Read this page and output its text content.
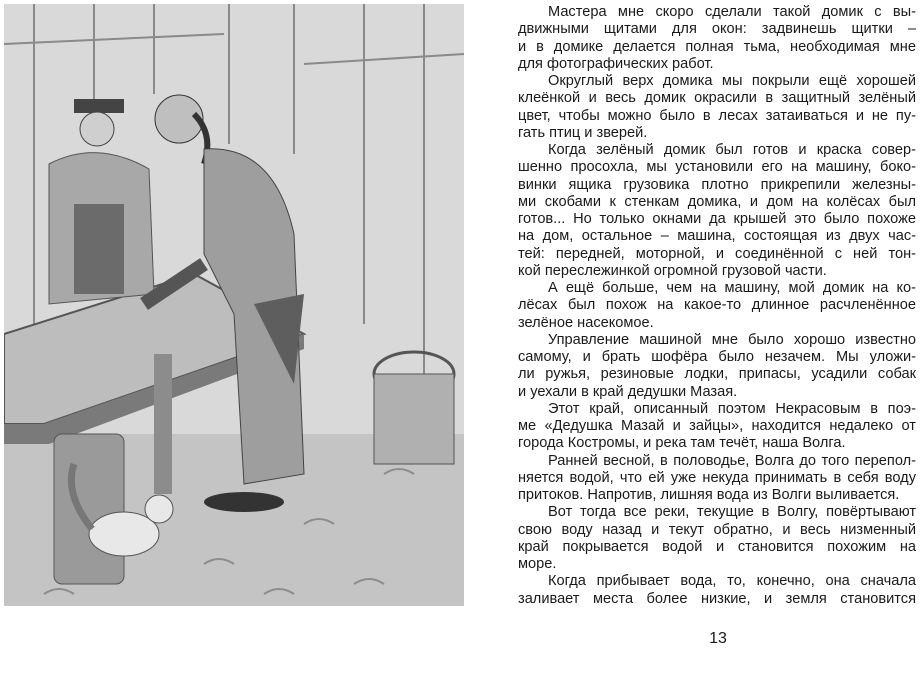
Мастера мне скоро сделали такой домик с вы-
движными щитами для окон: задвинешь щитки –
и в домике делается полная тьма, необходимая мне
для фотографических работ.
Округлый верх домика мы покрыли ещё хорошей
клеёнкой и весь домик окрасили в защитный зелёный
цвет, чтобы можно было в лесах затаиваться и не пу-
гать птиц и зверей.
Когда зелёный домик был готов и краска совер-
шенно просохла, мы установили его на машину, боко-
винки ящика грузовика плотно прикрепили железны-
ми скобами к стенкам домика, и дом на колёсах был
готов... Но только окнами да крышей это было похоже
на дом, остальное – машина, состоящая из двух час-
тей: передней, моторной, и соединённой с ней тон-
кой переслежинкой огромной грузовой части.
А ещё больше, чем на машину, мой домик на ко-
лёсах был похож на какое-то длинное расчленённое
зелёное насекомое.
Управление машиной мне было хорошо известно
самому, и брать шофёра было незачем. Мы уложи-
ли ружья, резиновые лодки, припасы, усадили собак
и уехали в край дедушки Мазая.
Этот край, описанный поэтом Некрасовым в поэ-
ме «Дедушка Мазай и зайцы», находится недалеко от
города Костромы, и река там течёт, наша Волга.
Ранней весной, в половодье, Волга до того перепол-
няется водой, что ей уже некуда принимать в себя воду
притоков. Напротив, лишняя вода из Волги выливается.
Вот тогда все реки, текущие в Волгу, повёртывают
свою воду назад и текут обратно, и весь низменный
край покрывается водой и становится похожим на
море.
Когда прибывает вода, то, конечно, она сначала
заливает места более низкие, и земля становится
13
